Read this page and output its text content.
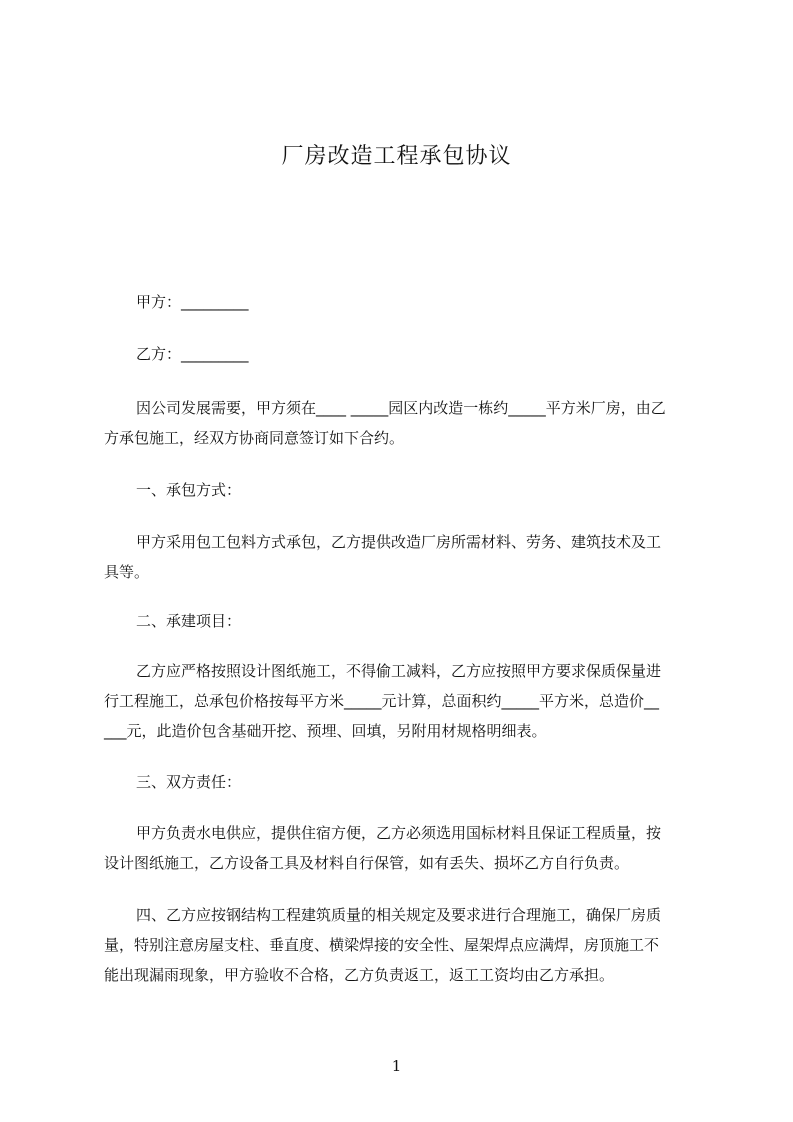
厂房改造工程承包协议

甲方：_________

乙方：_________

因公司发展需要，甲方须在____ _____园区内改造一栋约_____平方米厂房，由乙
方承包施工，经双方协商同意签订如下合约。

一、承包方式：

甲方采用包工包料方式承包，乙方提供改造厂房所需材料、劳务、建筑技术及工
具等。

二、承建项目：

乙方应严格按照设计图纸施工，不得偷工减料，乙方应按照甲方要求保质保量进
行工程施工，总承包价格按每平方米_____元计算，总面积约_____平方米，总造价__
___元，此造价包含基础开挖、预埋、回填，另附用材规格明细表。

三、双方责任：

甲方负责水电供应，提供住宿方便，乙方必须选用国标材料且保证工程质量，按
设计图纸施工，乙方设备工具及材料自行保管，如有丢失、损坏乙方自行负责。
四、乙方应按钢结构工程建筑质量的相关规定及要求进行合理施工，确保厂房质
量，特别注意房屋支柱、垂直度、横梁焊接的安全性、屋架焊点应满焊，房顶施工不
能出现漏雨现象，甲方验收不合格，乙方负责返工，返工工资均由乙方承担。

1
